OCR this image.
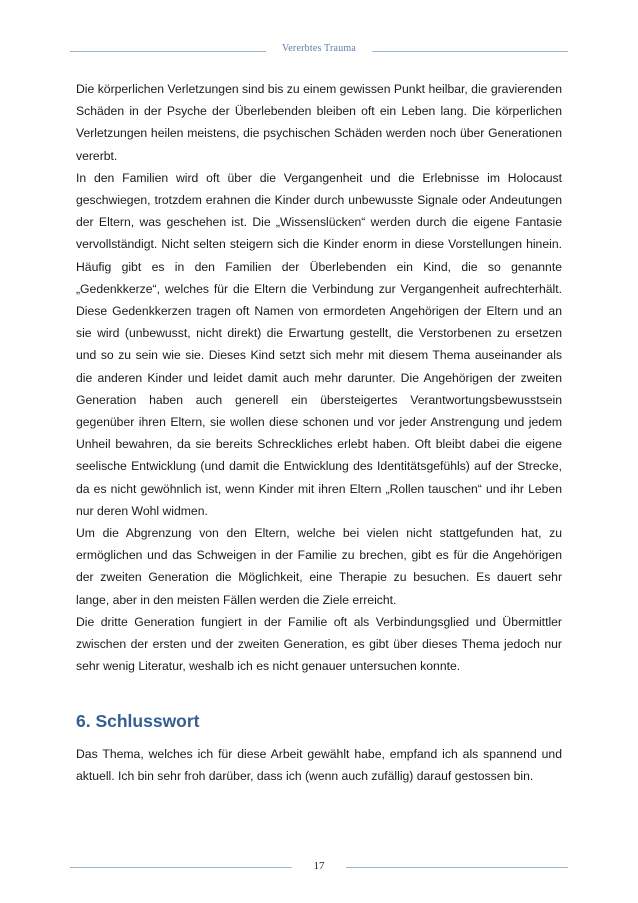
Vererbtes Trauma

Die körperlichen Verletzungen sind bis zu einem gewissen Punkt heilbar, die gravierenden Schäden in der Psyche der Überlebenden bleiben oft ein Leben lang. Die körperlichen Verletzungen heilen meistens, die psychischen Schäden werden noch über Generationen vererbt.

In den Familien wird oft über die Vergangenheit und die Erlebnisse im Holocaust geschwiegen, trotzdem erahnen die Kinder durch unbewusste Signale oder Andeutungen der Eltern, was geschehen ist. Die „Wissenslücken“ werden durch die eigene Fantasie vervollständigt. Nicht selten steigern sich die Kinder enorm in diese Vorstellungen hinein. Häufig gibt es in den Familien der Überlebenden ein Kind, die so genannte „Gedenkkerze“, welches für die Eltern die Verbindung zur Vergangenheit aufrechterhält. Diese Gedenkkerzen tragen oft Namen von ermordeten Angehörigen der Eltern und an sie wird (unbewusst, nicht direkt) die Erwartung gestellt, die Verstorbenen zu ersetzen und so zu sein wie sie. Dieses Kind setzt sich mehr mit diesem Thema auseinander als die anderen Kinder und leidet damit auch mehr darunter. Die Angehörigen der zweiten Generation haben auch generell ein übersteigertes Verantwortungsbewusstsein gegenüber ihren Eltern, sie wollen diese schonen und vor jeder Anstrengung und jedem Unheil bewahren, da sie bereits Schreckliches erlebt haben. Oft bleibt dabei die eigene seelische Entwicklung (und damit die Entwicklung des Identitätsgefühls) auf der Strecke, da es nicht gewöhnlich ist, wenn Kinder mit ihren Eltern „Rollen tauschen“ und ihr Leben nur deren Wohl widmen.

Um die Abgrenzung von den Eltern, welche bei vielen nicht stattgefunden hat, zu ermöglichen und das Schweigen in der Familie zu brechen, gibt es für die Angehörigen der zweiten Generation die Möglichkeit, eine Therapie zu besuchen. Es dauert sehr lange, aber in den meisten Fällen werden die Ziele erreicht.

Die dritte Generation fungiert in der Familie oft als Verbindungsglied und Übermittler zwischen der ersten und der zweiten Generation, es gibt über dieses Thema jedoch nur sehr wenig Literatur, weshalb ich es nicht genauer untersuchen konnte.

6. Schlusswort

Das Thema, welches ich für diese Arbeit gewählt habe, empfand ich als spannend und aktuell. Ich bin sehr froh darüber, dass ich (wenn auch zufällig) darauf gestossen bin.

17
